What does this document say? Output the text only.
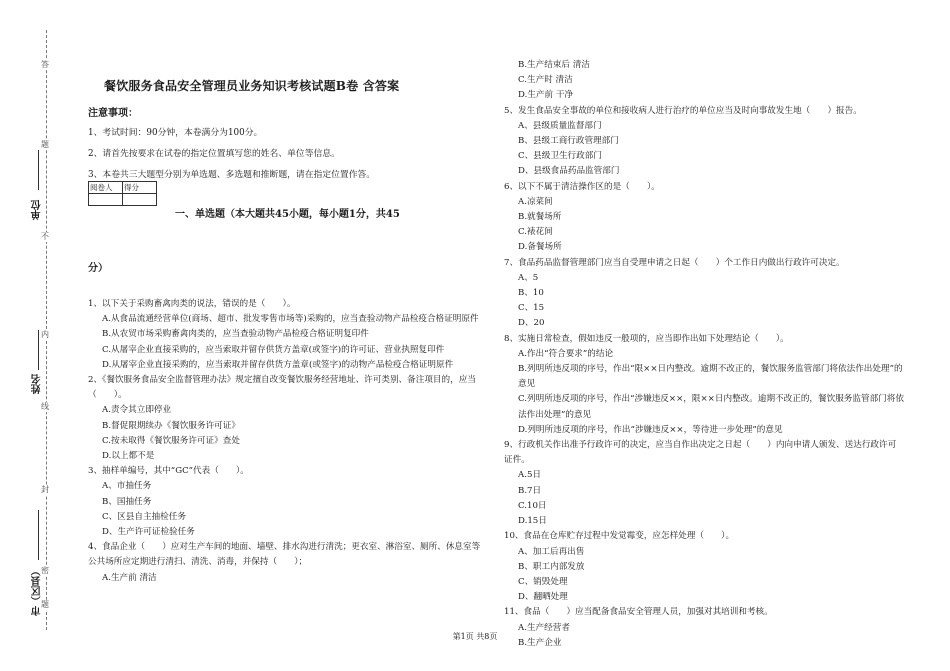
答
题
不
内
线
封
密
题
单位
姓名
市（区县）
餐饮服务食品安全管理员业务知识考核试题B卷 含答案
注意事项：
1、考试时间：90分钟，本卷满分为100分。
2、请首先按要求在试卷的指定位置填写您的姓名、单位等信息。
3、本卷共三大题型分别为单选题、多选题和推断题，请在指定位置作答。
阅卷人	得分

一、单选题（本大题共45小题，每小题1分，共45
分）

1、以下关于采购畜禽肉类的说法，错误的是（　　）。

A.从食品流通经营单位(商场、超市、批发零售市场等)采购的，应当查验动物产品检疫合格证明原件

B.从农贸市场采购畜禽肉类的，应当查验动物产品检疫合格证明复印件

C.从屠宰企业直接采购的，应当索取并留存供货方盖章(或签字)的许可证、营业执照复印件

D.从屠宰企业直接采购的，应当索取并留存供货方盖章(或签字)的动物产品检疫合格证明原件

2、《餐饮服务食品安全监督管理办法》规定擅自改变餐饮服务经营地址、许可类别、备注项目的，应当（　　）。

A.责令其立即停业

B.督促限期续办《餐饮服务许可证》

C.按未取得《餐饮服务许可证》查处

D.以上都不是

3、抽样单编号，其中“GC”代表（　　）。

A、市抽任务

B、国抽任务

C、区县自主抽检任务

D、生产许可证检验任务

4、食品企业（　　）应对生产车间的地面、墙壁、排水沟进行清洗；更衣室、淋浴室、厕所、休息室等公共场所应定期进行清扫、清洗、消毒，并保持（　　）；

A.生产前 清洁

B.生产结束后 清洁

C.生产时 清洁

D.生产前 干净

5、发生食品安全事故的单位和接收病人进行治疗的单位应当及时向事故发生地（　　）报告。

A、县级质量监督部门

B、县级工商行政管理部门

C、县级卫生行政部门

D、县级食品药品监管部门

6、以下不属于清洁操作区的是（　　）。

A.凉菜间

B.就餐场所

C.裱花间

D.备餐场所

7、食品药品监督管理部门应当自受理申请之日起（　　）个工作日内做出行政许可决定。

A、5

B、10

C、15

D、20

8、实施日常检查，假如违反一般项的，应当即作出如下处理结论（　　）。

A.作出“符合要求”的结论

B.列明所违反项的序号，作出“限××日内整改。逾期不改正的，餐饮服务监管部门将依法作出处理”的意见

C.列明所违反项的序号，作出“涉嫌违反××，限××日内整改。逾期不改正的，餐饮服务监管部门将依法作出处理”的意见

D.列明所违反项的序号，作出“涉嫌违反××，等待进一步处理”的意见

9、行政机关作出准予行政许可的决定，应当自作出决定之日起（　　）内向申请人颁发、送达行政许可证件。

A.5日

B.7日

C.10日

D.15日

10、食品在仓库贮存过程中发觉霉变，应怎样处理（　　）。

A、加工后再出售

B、职工内部发放

C、销毁处理

D、翻晒处理

11、食品（　　）应当配备食品安全管理人员，加强对其培训和考核。

A.生产经营者

B.生产企业

第1页 共8页
